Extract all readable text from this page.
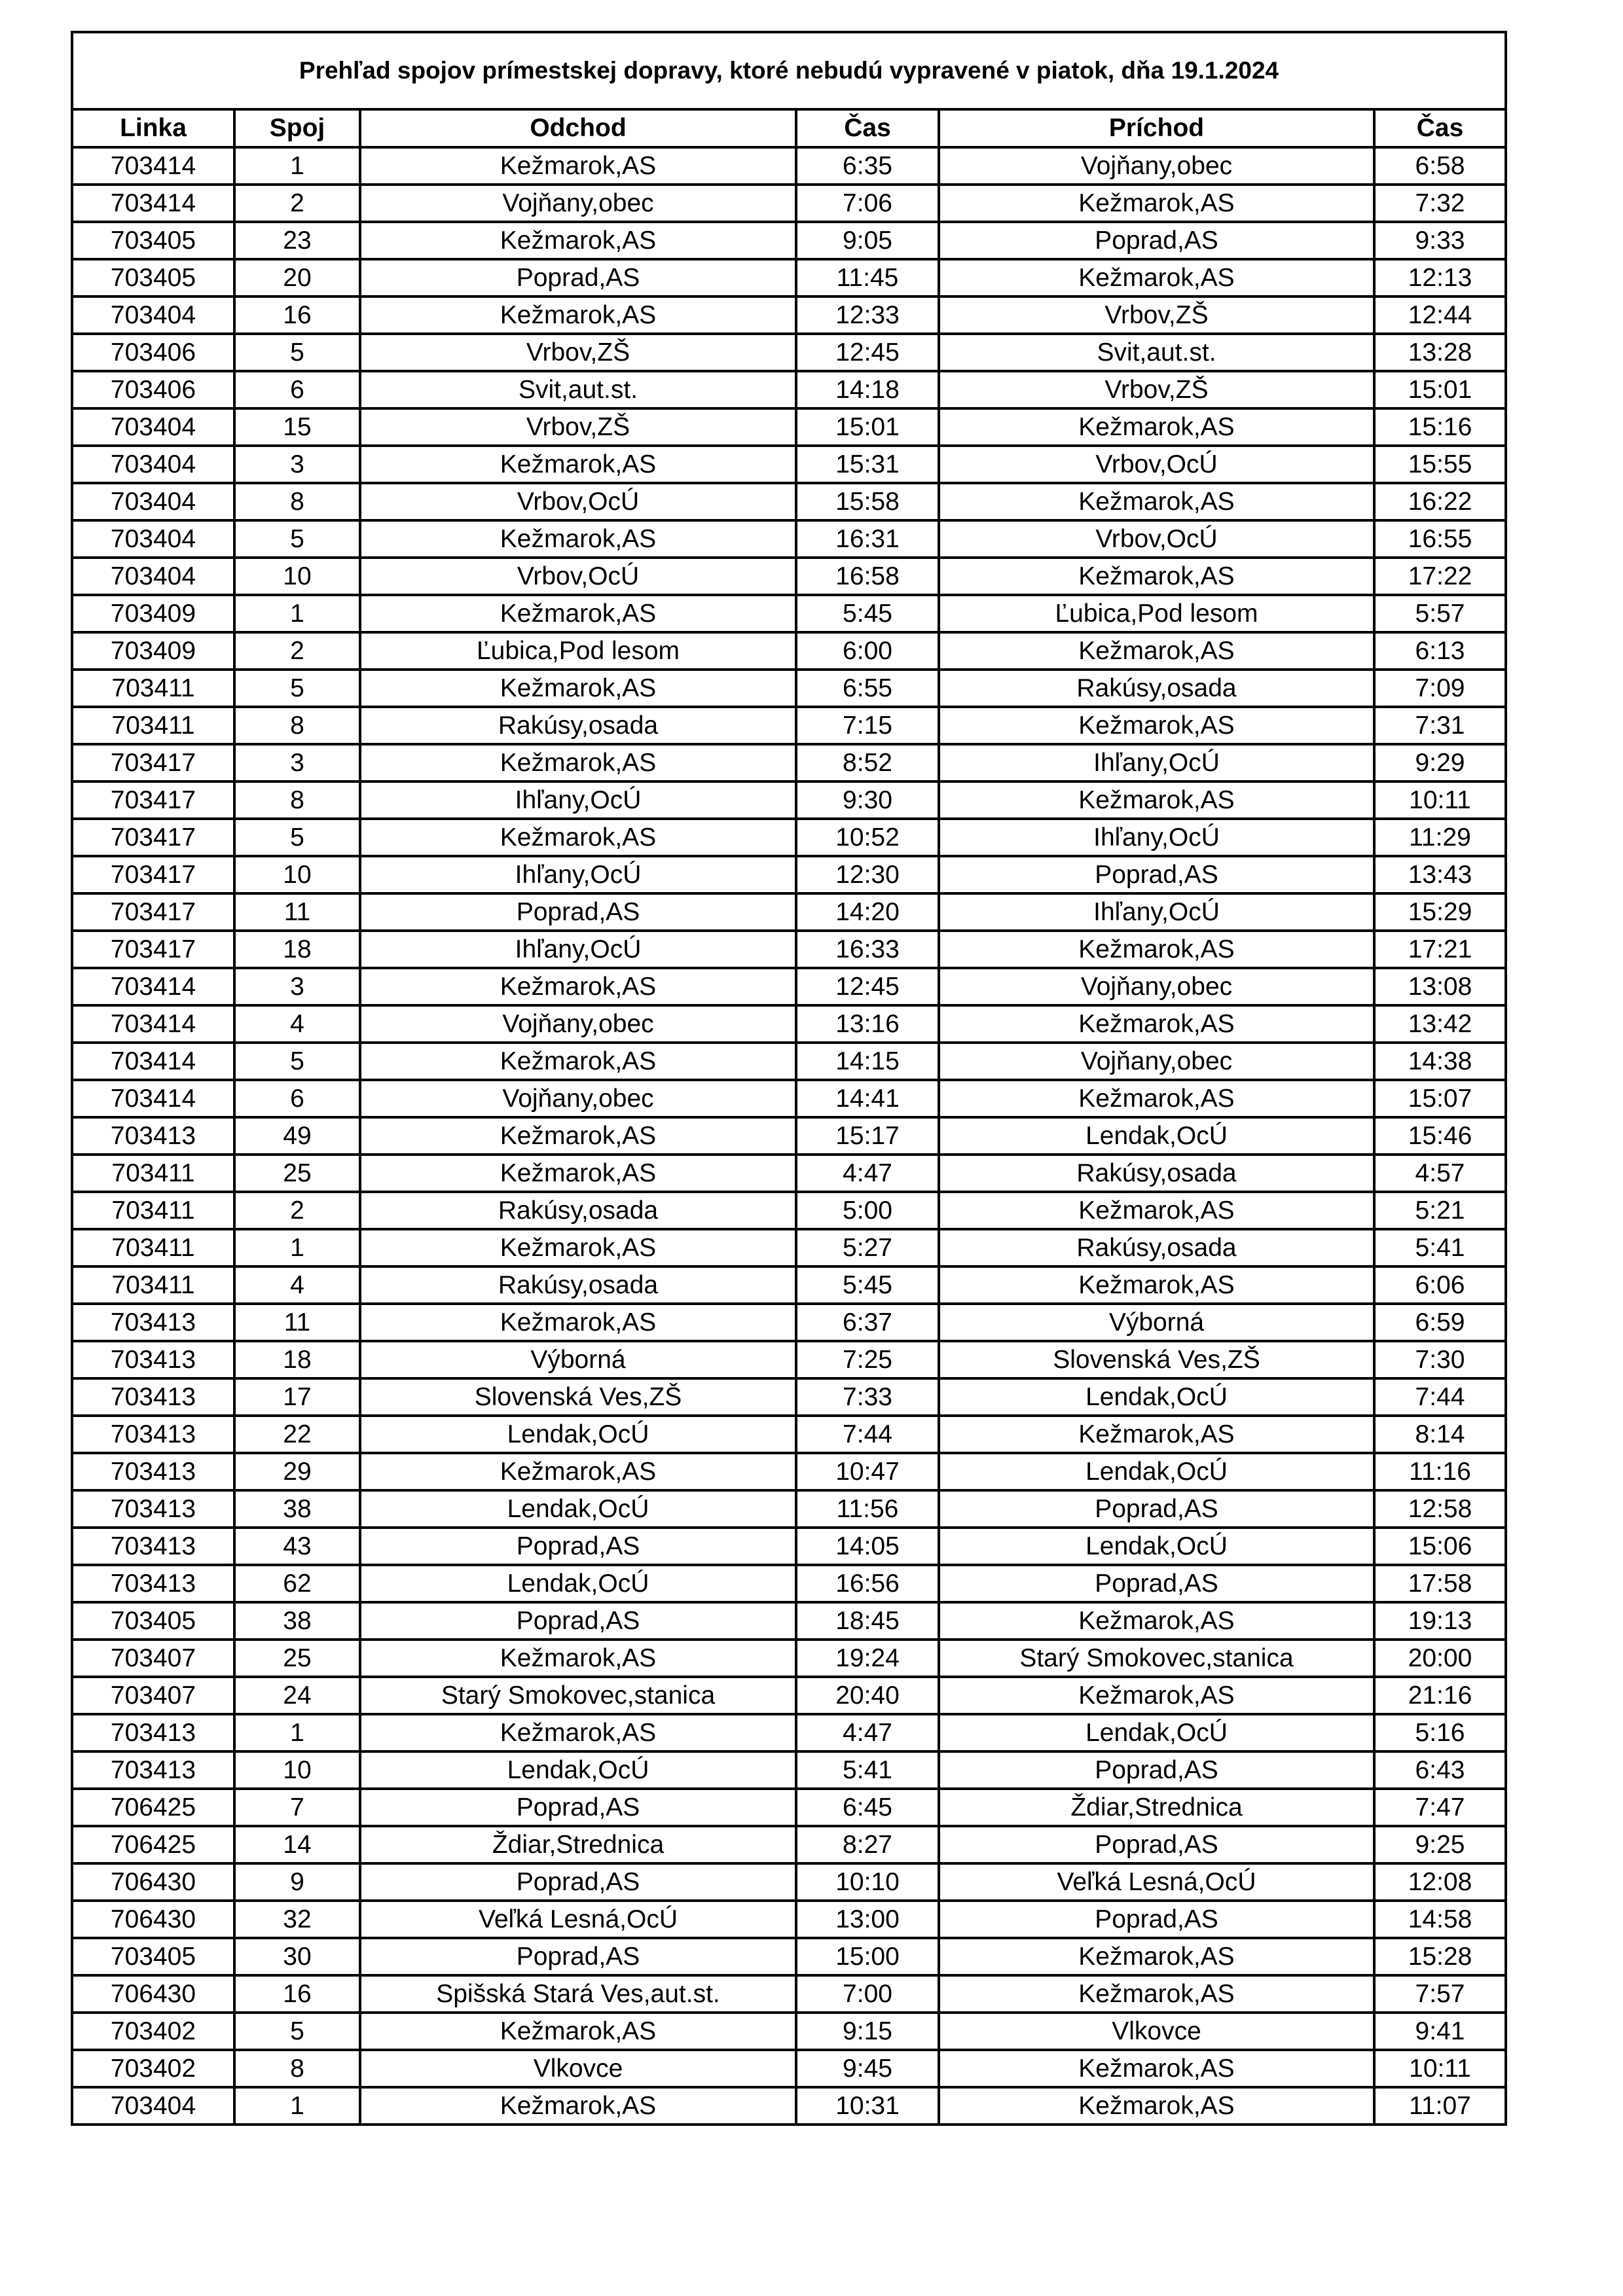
Prehľad spojov prímestskej dopravy, ktoré nebudú vypravené v piatok, dňa 19.1.2024					
Linka	Spoj	Odchod	Čas	Príchod	Čas
703414	1	Kežmarok,AS	6:35	Vojňany,obec	6:58
703414	2	Vojňany,obec	7:06	Kežmarok,AS	7:32
703405	23	Kežmarok,AS	9:05	Poprad,AS	9:33
703405	20	Poprad,AS	11:45	Kežmarok,AS	12:13
703404	16	Kežmarok,AS	12:33	Vrbov,ZŠ	12:44
703406	5	Vrbov,ZŠ	12:45	Svit,aut.st.	13:28
703406	6	Svit,aut.st.	14:18	Vrbov,ZŠ	15:01
703404	15	Vrbov,ZŠ	15:01	Kežmarok,AS	15:16
703404	3	Kežmarok,AS	15:31	Vrbov,OcÚ	15:55
703404	8	Vrbov,OcÚ	15:58	Kežmarok,AS	16:22
703404	5	Kežmarok,AS	16:31	Vrbov,OcÚ	16:55
703404	10	Vrbov,OcÚ	16:58	Kežmarok,AS	17:22
703409	1	Kežmarok,AS	5:45	Ľubica,Pod lesom	5:57
703409	2	Ľubica,Pod lesom	6:00	Kežmarok,AS	6:13
703411	5	Kežmarok,AS	6:55	Rakúsy,osada	7:09
703411	8	Rakúsy,osada	7:15	Kežmarok,AS	7:31
703417	3	Kežmarok,AS	8:52	Ihľany,OcÚ	9:29
703417	8	Ihľany,OcÚ	9:30	Kežmarok,AS	10:11
703417	5	Kežmarok,AS	10:52	Ihľany,OcÚ	11:29
703417	10	Ihľany,OcÚ	12:30	Poprad,AS	13:43
703417	11	Poprad,AS	14:20	Ihľany,OcÚ	15:29
703417	18	Ihľany,OcÚ	16:33	Kežmarok,AS	17:21
703414	3	Kežmarok,AS	12:45	Vojňany,obec	13:08
703414	4	Vojňany,obec	13:16	Kežmarok,AS	13:42
703414	5	Kežmarok,AS	14:15	Vojňany,obec	14:38
703414	6	Vojňany,obec	14:41	Kežmarok,AS	15:07
703413	49	Kežmarok,AS	15:17	Lendak,OcÚ	15:46
703411	25	Kežmarok,AS	4:47	Rakúsy,osada	4:57
703411	2	Rakúsy,osada	5:00	Kežmarok,AS	5:21
703411	1	Kežmarok,AS	5:27	Rakúsy,osada	5:41
703411	4	Rakúsy,osada	5:45	Kežmarok,AS	6:06
703413	11	Kežmarok,AS	6:37	Výborná	6:59
703413	18	Výborná	7:25	Slovenská Ves,ZŠ	7:30
703413	17	Slovenská Ves,ZŠ	7:33	Lendak,OcÚ	7:44
703413	22	Lendak,OcÚ	7:44	Kežmarok,AS	8:14
703413	29	Kežmarok,AS	10:47	Lendak,OcÚ	11:16
703413	38	Lendak,OcÚ	11:56	Poprad,AS	12:58
703413	43	Poprad,AS	14:05	Lendak,OcÚ	15:06
703413	62	Lendak,OcÚ	16:56	Poprad,AS	17:58
703405	38	Poprad,AS	18:45	Kežmarok,AS	19:13
703407	25	Kežmarok,AS	19:24	Starý Smokovec,stanica	20:00
703407	24	Starý Smokovec,stanica	20:40	Kežmarok,AS	21:16
703413	1	Kežmarok,AS	4:47	Lendak,OcÚ	5:16
703413	10	Lendak,OcÚ	5:41	Poprad,AS	6:43
706425	7	Poprad,AS	6:45	Ždiar,Strednica	7:47
706425	14	Ždiar,Strednica	8:27	Poprad,AS	9:25
706430	9	Poprad,AS	10:10	Veľká Lesná,OcÚ	12:08
706430	32	Veľká Lesná,OcÚ	13:00	Poprad,AS	14:58
703405	30	Poprad,AS	15:00	Kežmarok,AS	15:28
706430	16	Spišská Stará Ves,aut.st.	7:00	Kežmarok,AS	7:57
703402	5	Kežmarok,AS	9:15	Vlkovce	9:41
703402	8	Vlkovce	9:45	Kežmarok,AS	10:11
703404	1	Kežmarok,AS	10:31	Kežmarok,AS	11:07
